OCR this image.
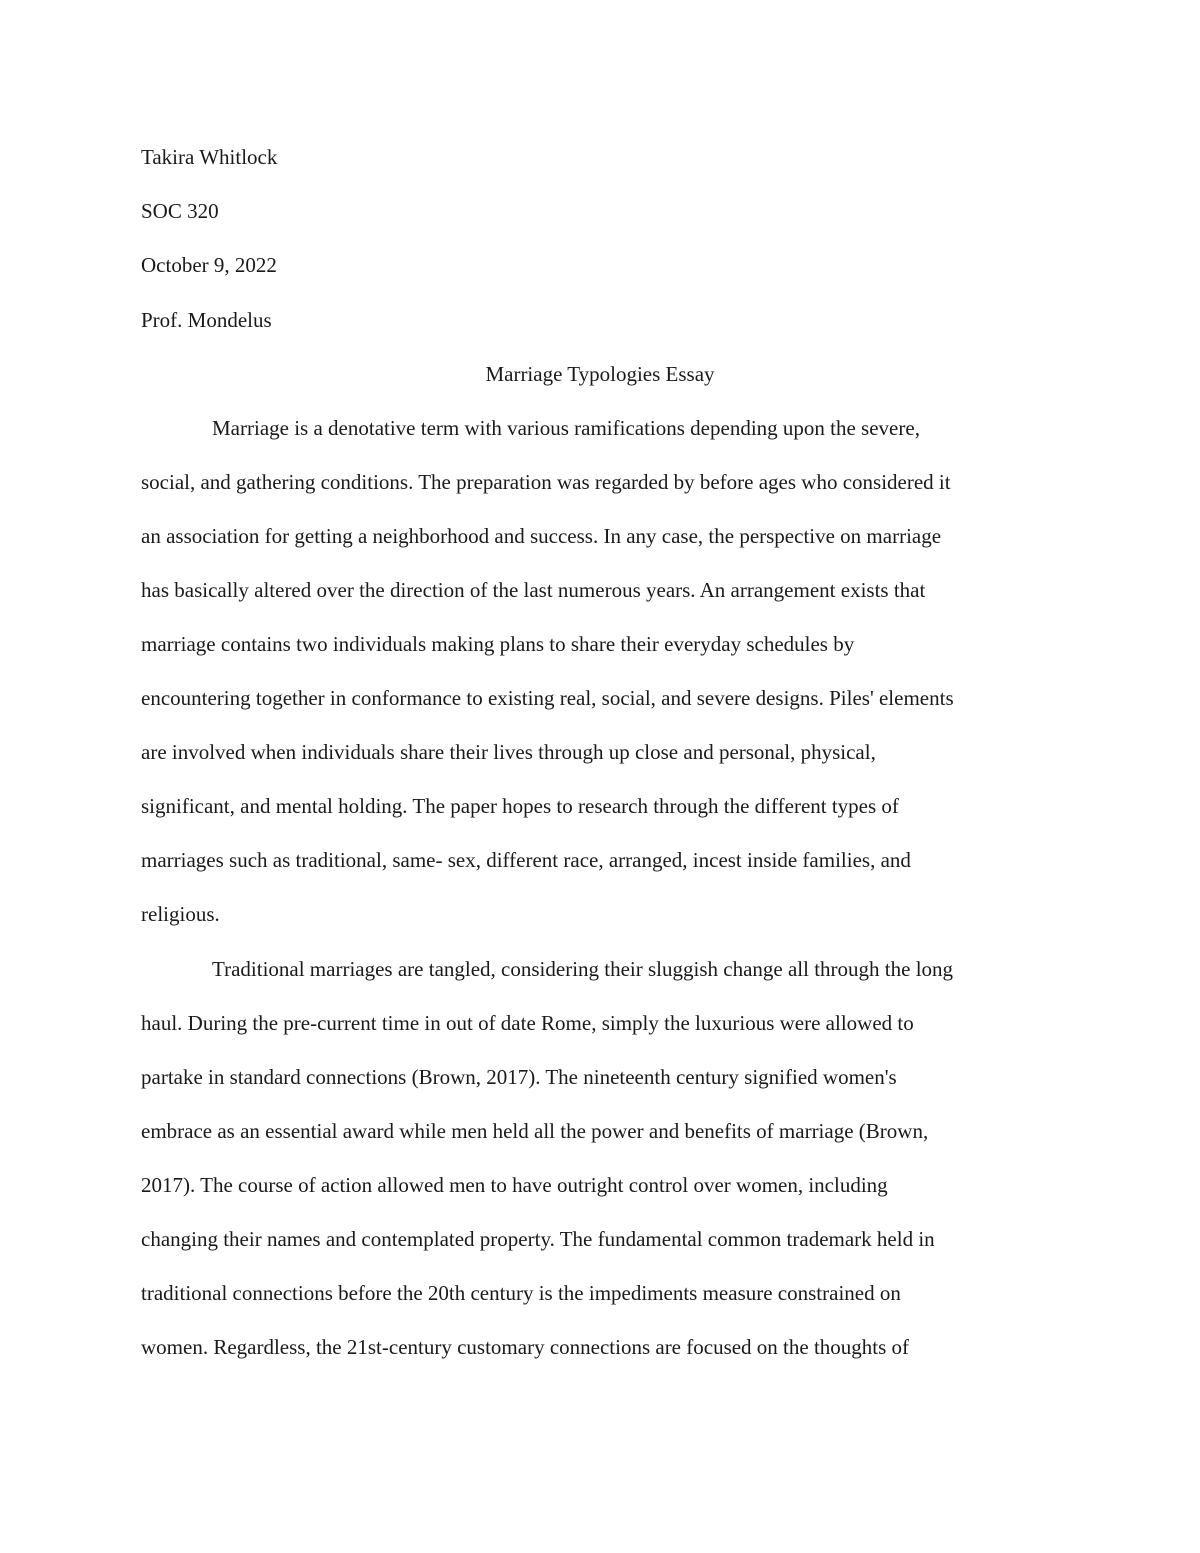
Takira Whitlock
SOC 320
October 9, 2022
Prof. Mondelus
Marriage Typologies Essay
Marriage is a denotative term with various ramifications depending upon the severe,
social, and gathering conditions. The preparation was regarded by before ages who considered it
an association for getting a neighborhood and success. In any case, the perspective on marriage
has basically altered over the direction of the last numerous years. An arrangement exists that
marriage contains two individuals making plans to share their everyday schedules by
encountering together in conformance to existing real, social, and severe designs. Piles' elements
are involved when individuals share their lives through up close and personal, physical,
significant, and mental holding. The paper hopes to research through the different types of
marriages such as traditional, same- sex, different race, arranged, incest inside families, and
religious.
Traditional marriages are tangled, considering their sluggish change all through the long
haul. During the pre-current time in out of date Rome, simply the luxurious were allowed to
partake in standard connections (Brown, 2017). The nineteenth century signified women's
embrace as an essential award while men held all the power and benefits of marriage (Brown,
2017). The course of action allowed men to have outright control over women, including
changing their names and contemplated property. The fundamental common trademark held in
traditional connections before the 20th century is the impediments measure constrained on
women. Regardless, the 21st-century customary connections are focused on the thoughts of
